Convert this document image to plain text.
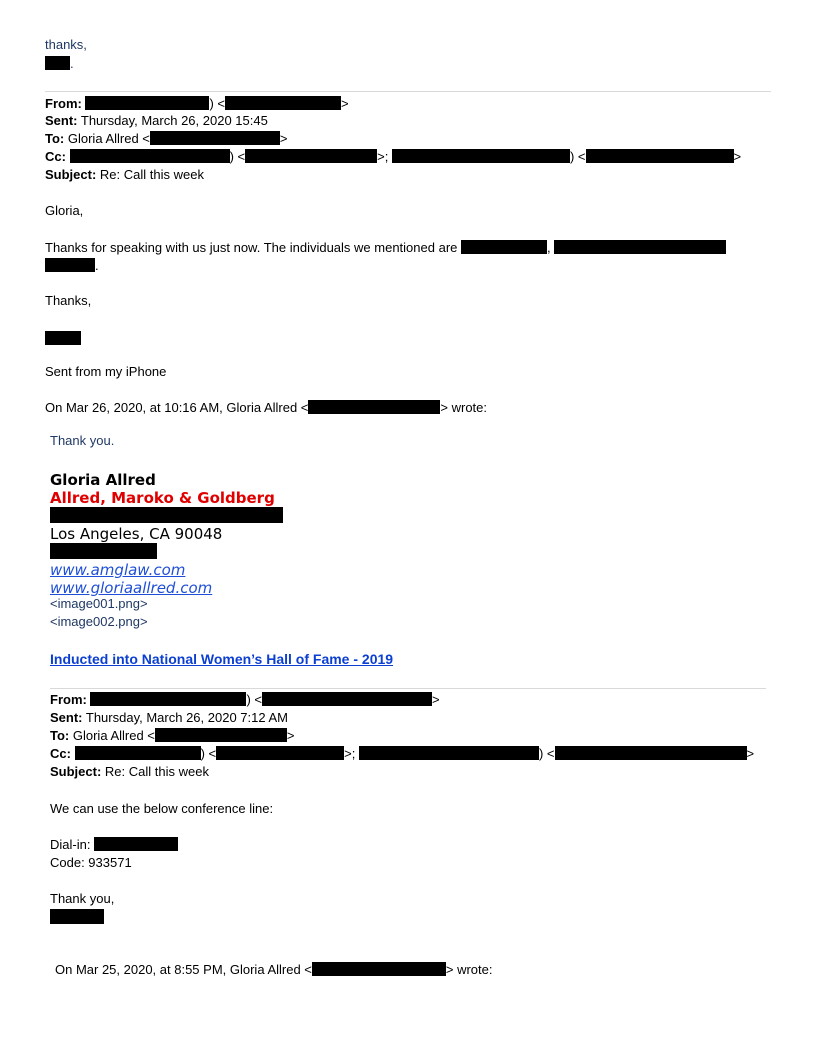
thanks,
.
From:	) <	>
Sent: Thursday, March 26, 2020 15:45
To: Gloria Allred <	>
Cc:	) <	>;	) <	>
Subject: Re: Call this week
Gloria,
Thanks for speaking with us just now. The individuals we mentioned are	,
.
Thanks,
Sent from my iPhone
On Mar 26, 2020, at 10:16 AM, Gloria Allred <	> wrote:
Thank you.
Gloria Allred
Allred, Maroko & Goldberg
Los Angeles, CA 90048
www.amglaw.com
www.gloriaallred.com
<image001.png>
<image002.png>
Inducted into National Women’s Hall of Fame - 2019
From:	) <	>
Sent: Thursday, March 26, 2020 7:12 AM
To: Gloria Allred <	>
Cc:	) <	>;	) <	>
Subject: Re: Call this week
We can use the below conference line:
Dial-in:
Code: 933571
Thank you,
On Mar 25, 2020, at 8:55 PM, Gloria Allred <	> wrote:
